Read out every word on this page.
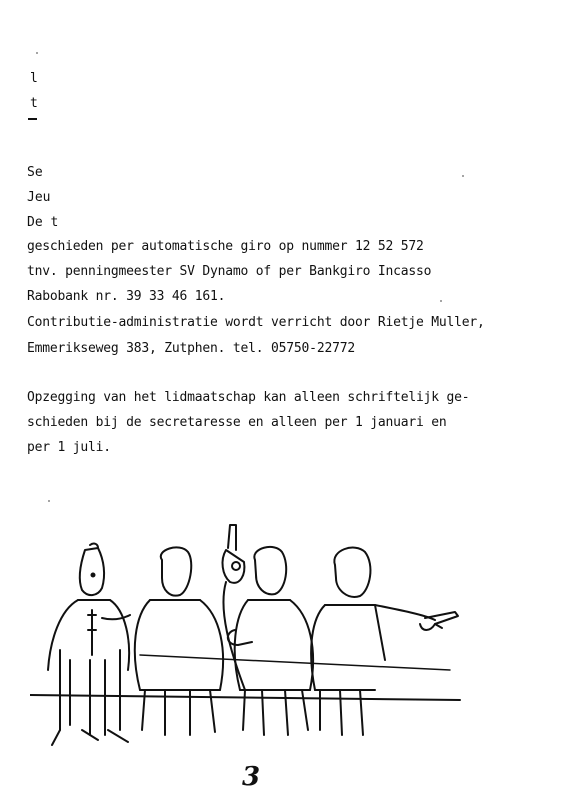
l
t
Se
Jeu
De t
geschieden per automatische giro op nummer 12 52 572
tnv. penningmeester SV Dynamo of per Bankgiro Incasso
Rabobank nr. 39 33 46 161.
Contributie-administratie wordt verricht door Rietje Muller,
Emmerikseweg 383, Zutphen. tel. 05750-22772
Opzegging van het lidmaatschap kan alleen schriftelijk ge-
schieden bij de secretaresse en alleen per 1 januari en
per 1 juli.
3
